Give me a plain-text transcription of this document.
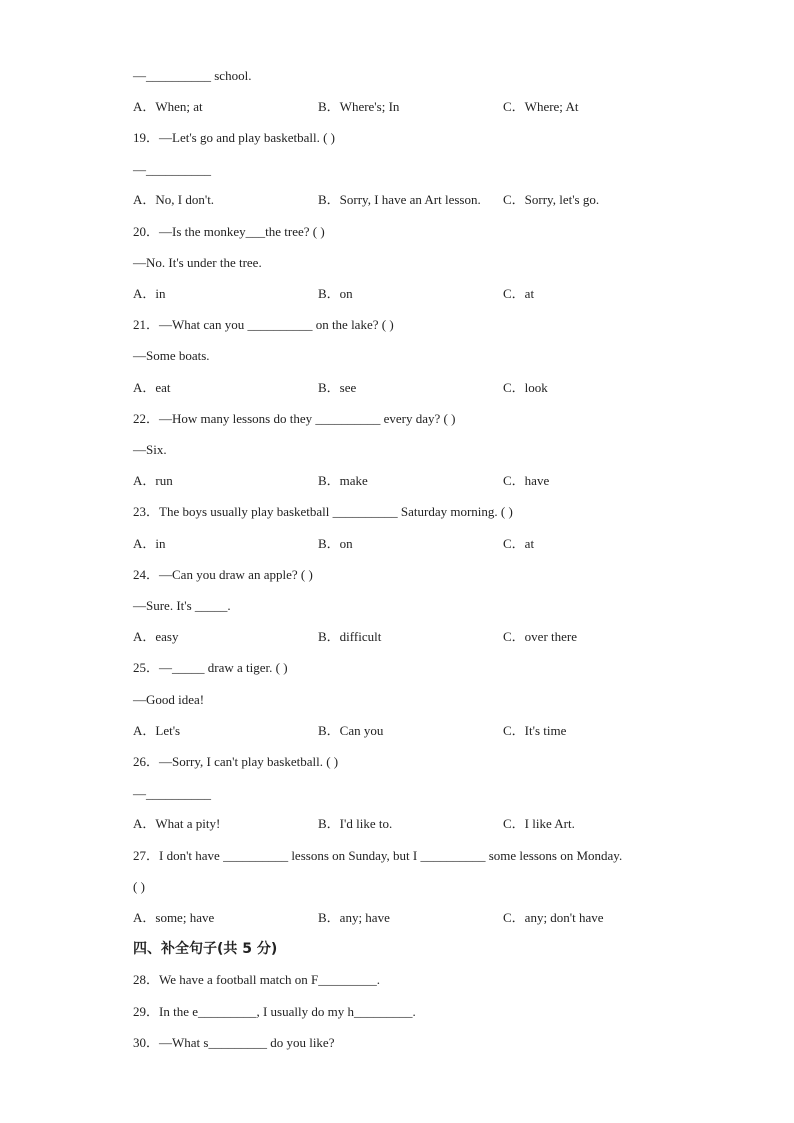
—__________ school.
A．When; at	B．Where's; In	C．Where; At
19．—Let's go and play basketball. ( )
—__________
A．No, I don't.	B．Sorry, I have an Art lesson. C．Sorry, let's go.
20．—Is the monkey___the tree? ( )
—No. It's under the tree.
A．in	B．on	C．at
21．—What can you __________ on the lake? ( )
—Some boats.
A．eat	B．see	C．look
22．—How many lessons do they __________ every day? ( )
—Six.
A．run	B．make	C．have
23．The boys usually play basketball __________ Saturday morning. ( )
A．in	B．on	C．at
24．—Can you draw an apple? ( )
—Sure. It's _____.
A．easy	B．difficult	C．over there
25．—_____ draw a tiger. ( )
—Good idea!
A．Let's	B．Can you	C．It's time
26．—Sorry, I can't play basketball. ( )
—__________
A．What a pity!	B．I'd like to.	C．I like Art.
27．I don't have __________ lessons on Sunday, but I __________ some lessons on Monday.
( )
A．some; have	B．any; have	C．any; don't have
四、补全句子(共 5 分)
28．We have a football match on F_________.
29．In the e_________, I usually do my h_________.
30．—What s_________ do you like?
